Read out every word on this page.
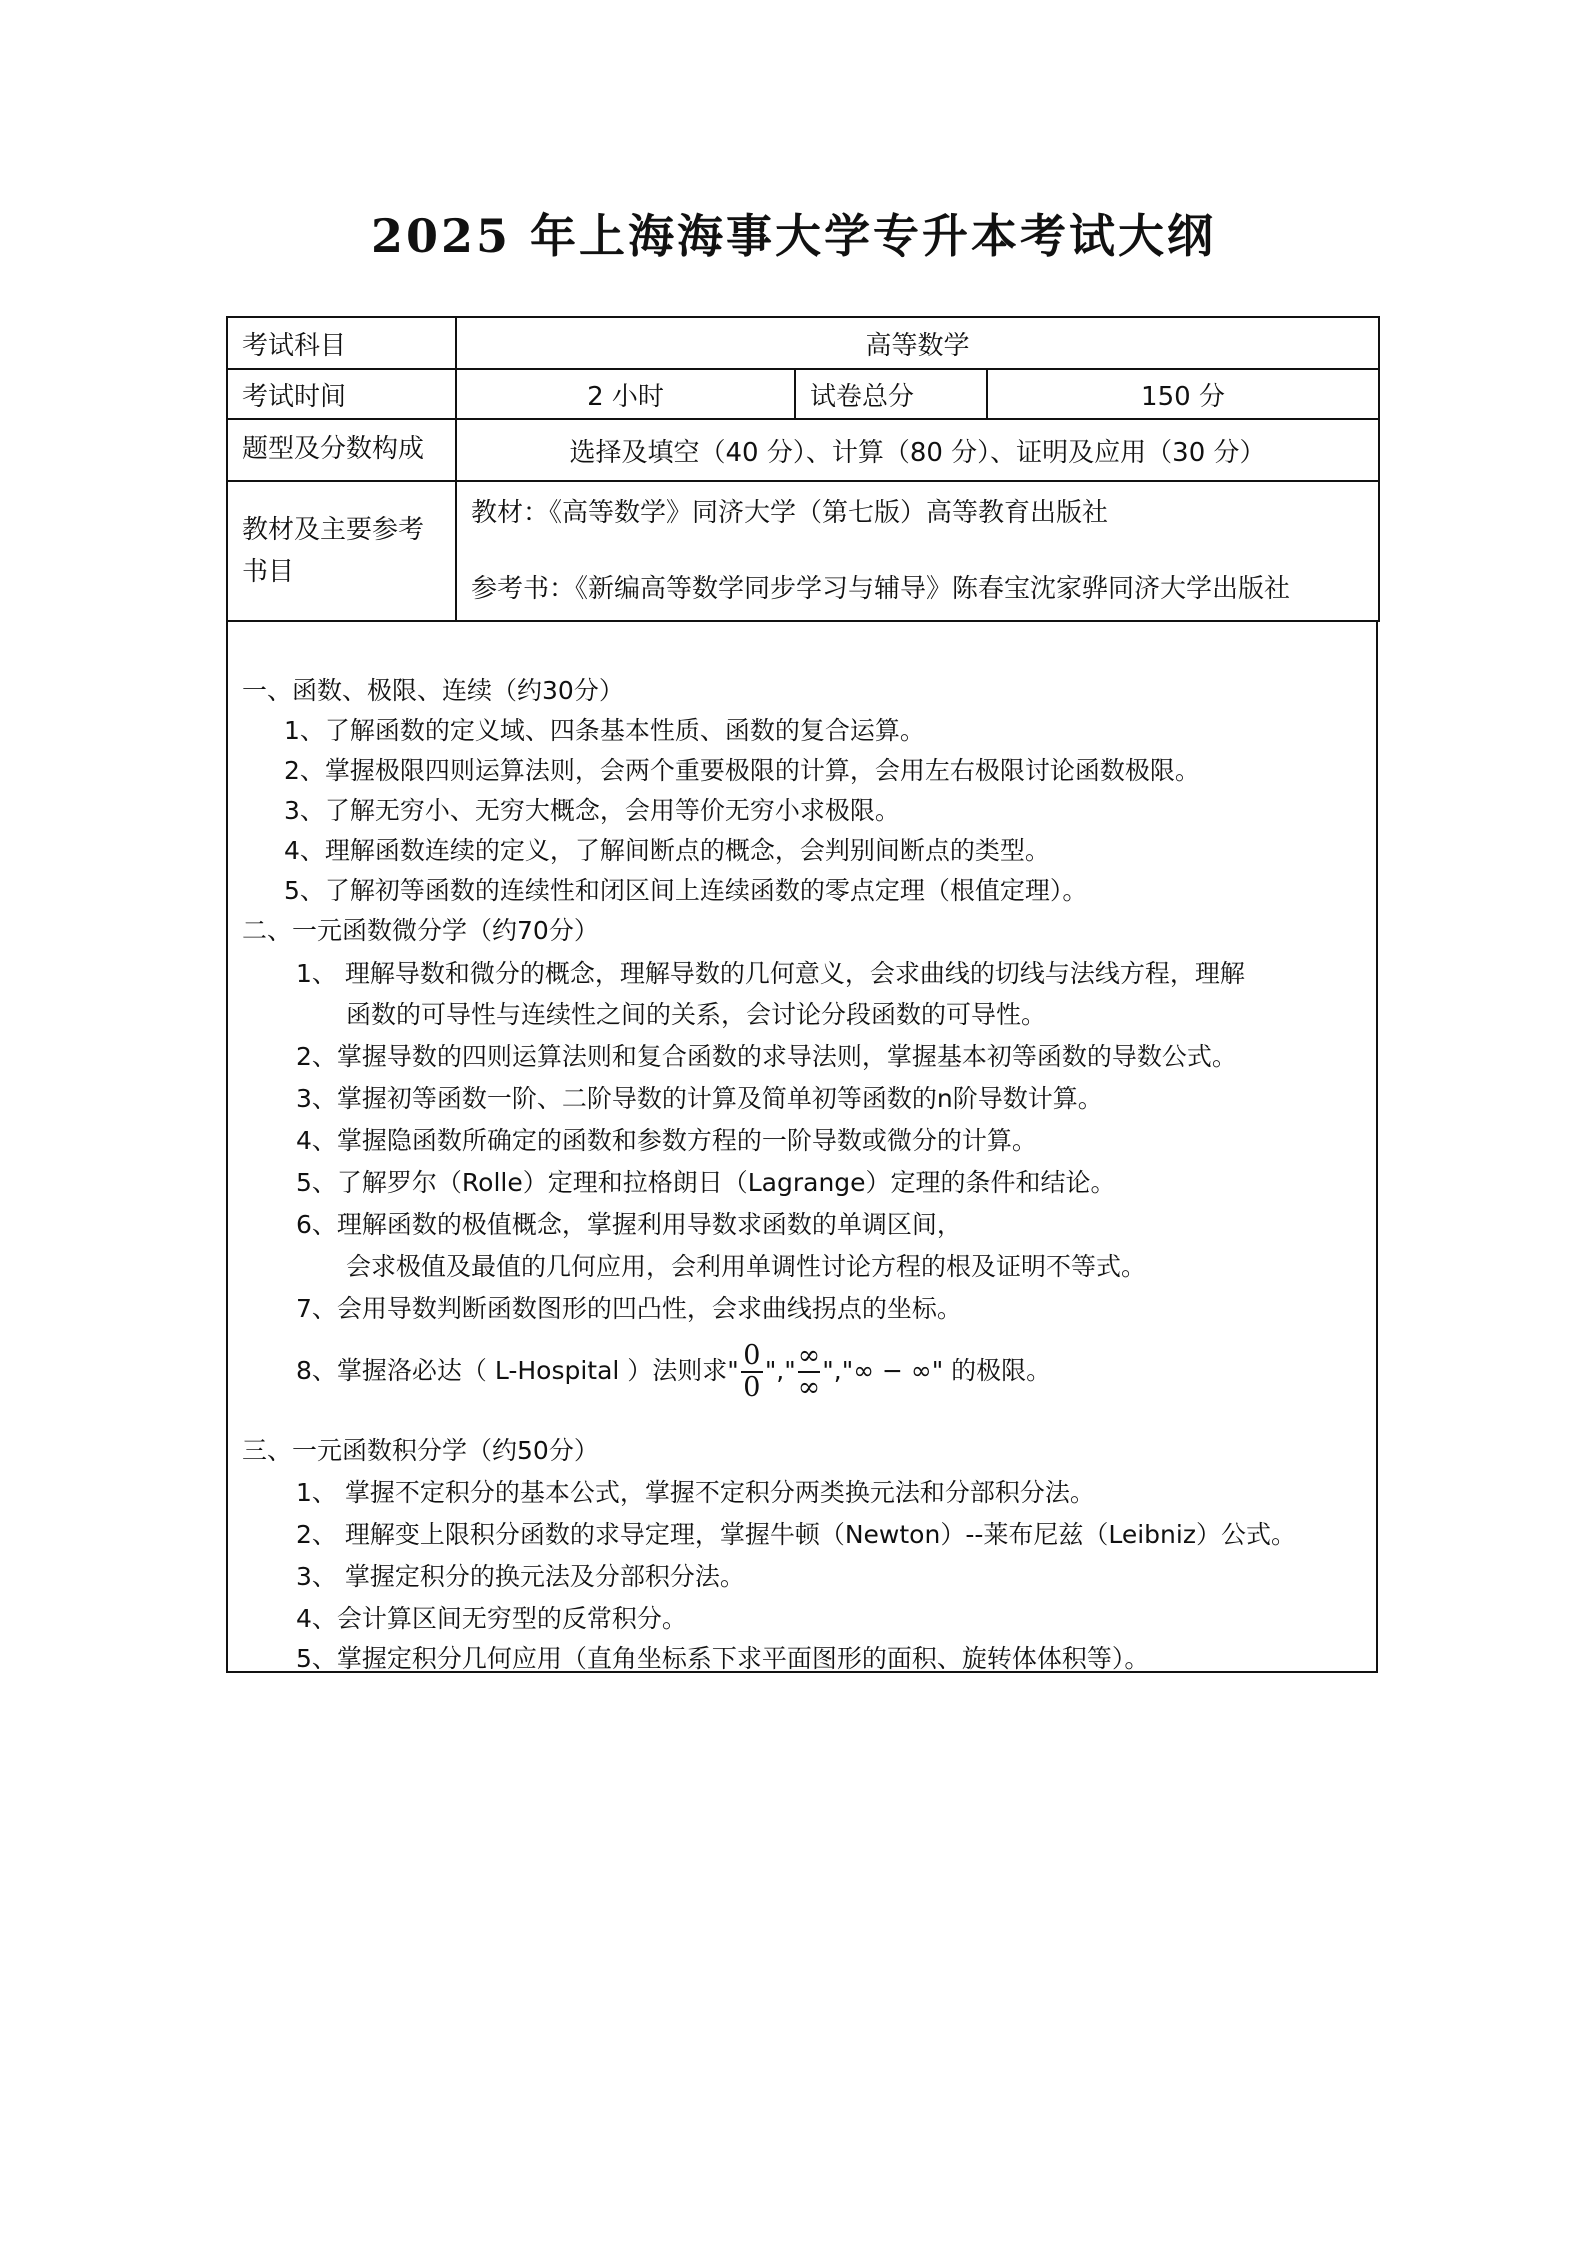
2025 年上海海事大学专升本考试大纲
考试科目	高等数学		
考试时间	2 小时	试卷总分	150 分
题型及分数构成	选择及填空（40 分）、计算（80 分）、证明及应用（30 分）		
教材及主要参考书目	教材：《高等数学》同济大学（第七版）高等教育出版社
参考书：《新编高等数学同步学习与辅导》陈春宝沈家骅同济大学出版社		
一、函数、极限、连续（约30分）
1、了解函数的定义域、四条基本性质、函数的复合运算。
2、掌握极限四则运算法则，会两个重要极限的计算，会用左右极限讨论函数极限。
3、了解无穷小、无穷大概念，会用等价无穷小求极限。
4、理解函数连续的定义，了解间断点的概念，会判别间断点的类型。
5、了解初等函数的连续性和闭区间上连续函数的零点定理（根值定理）。
二、一元函数微分学（约70分）
1、 理解导数和微分的概念，理解导数的几何意义，会求曲线的切线与法线方程，理解
函数的可导性与连续性之间的关系，会讨论分段函数的可导性。
2、掌握导数的四则运算法则和复合函数的求导法则，掌握基本初等函数的导数公式。
3、掌握初等函数一阶、二阶导数的计算及简单初等函数的n阶导数计算。
4、掌握隐函数所确定的函数和参数方程的一阶导数或微分的计算。
5、了解罗尔（Rolle）定理和拉格朗日（Lagrange）定理的条件和结论。
6、理解函数的极值概念，掌握利用导数求函数的单调区间，
会求极值及最值的几何应用，会利用单调性讨论方程的根及证明不等式。
7、会用导数判断函数图形的凹凸性，会求曲线拐点的坐标。
8、掌握洛必达（ L-Hospital ）法则求" $\frac{0}{0}$ "," $\frac{\infty}{\infty}$ ","∞ − ∞" 的极限。
三、一元函数积分学（约50分）
1、 掌握不定积分的基本公式，掌握不定积分两类换元法和分部积分法。
2、 理解变上限积分函数的求导定理，掌握牛顿（Newton）--莱布尼兹（Leibniz）公式。
3、 掌握定积分的换元法及分部积分法。
4、会计算区间无穷型的反常积分。
5、掌握定积分几何应用（直角坐标系下求平面图形的面积、旋转体体积等）。
